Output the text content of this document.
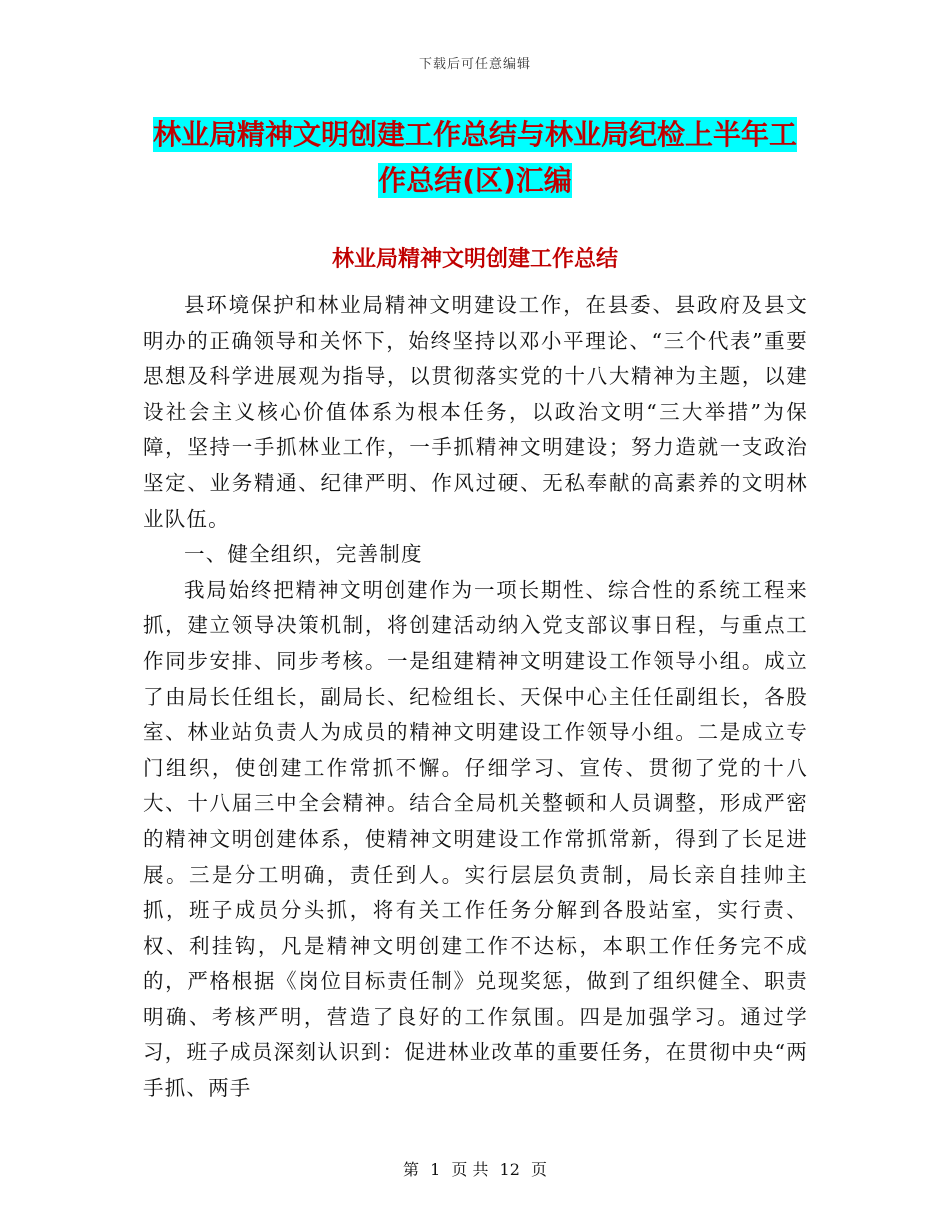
下载后可任意编辑
林业局精神文明创建工作总结与林业局纪检上半年工
作总结(区)汇编
林业局精神文明创建工作总结

县环境保护和林业局精神文明建设工作，在县委、县政府及县文明办的正确领导和关怀下，始终坚持以邓小平理论、“三个代表”重要思想及科学进展观为指导，以贯彻落实党的十八大精神为主题，以建设社会主义核心价值体系为根本任务，以政治文明“三大举措”为保障，坚持一手抓林业工作，一手抓精神文明建设；努力造就一支政治坚定、业务精通、纪律严明、作风过硬、无私奉献的高素养的文明林业队伍。

一、健全组织，完善制度

我局始终把精神文明创建作为一项长期性、综合性的系统工程来抓，建立领导决策机制，将创建活动纳入党支部议事日程，与重点工作同步安排、同步考核。一是组建精神文明建设工作领导小组。成立了由局长任组长，副局长、纪检组长、天保中心主任任副组长，各股室、林业站负责人为成员的精神文明建设工作领导小组。二是成立专门组织，使创建工作常抓不懈。仔细学习、宣传、贯彻了党的十八大、十八届三中全会精神。结合全局机关整顿和人员调整，形成严密的精神文明创建体系，使精神文明建设工作常抓常新，得到了长足进展。三是分工明确，责任到人。实行层层负责制，局长亲自挂帅主抓，班子成员分头抓，将有关工作任务分解到各股站室，实行责、权、利挂钩，凡是精神文明创建工作不达标，本职工作任务完不成的，严格根据《岗位目标责任制》兑现奖惩，做到了组织健全、职责明确、考核严明，营造了良好的工作氛围。四是加强学习。通过学习，班子成员深刻认识到：促进林业改革的重要任务，在贯彻中央“两手抓、两手

第 1 页 共 12 页
